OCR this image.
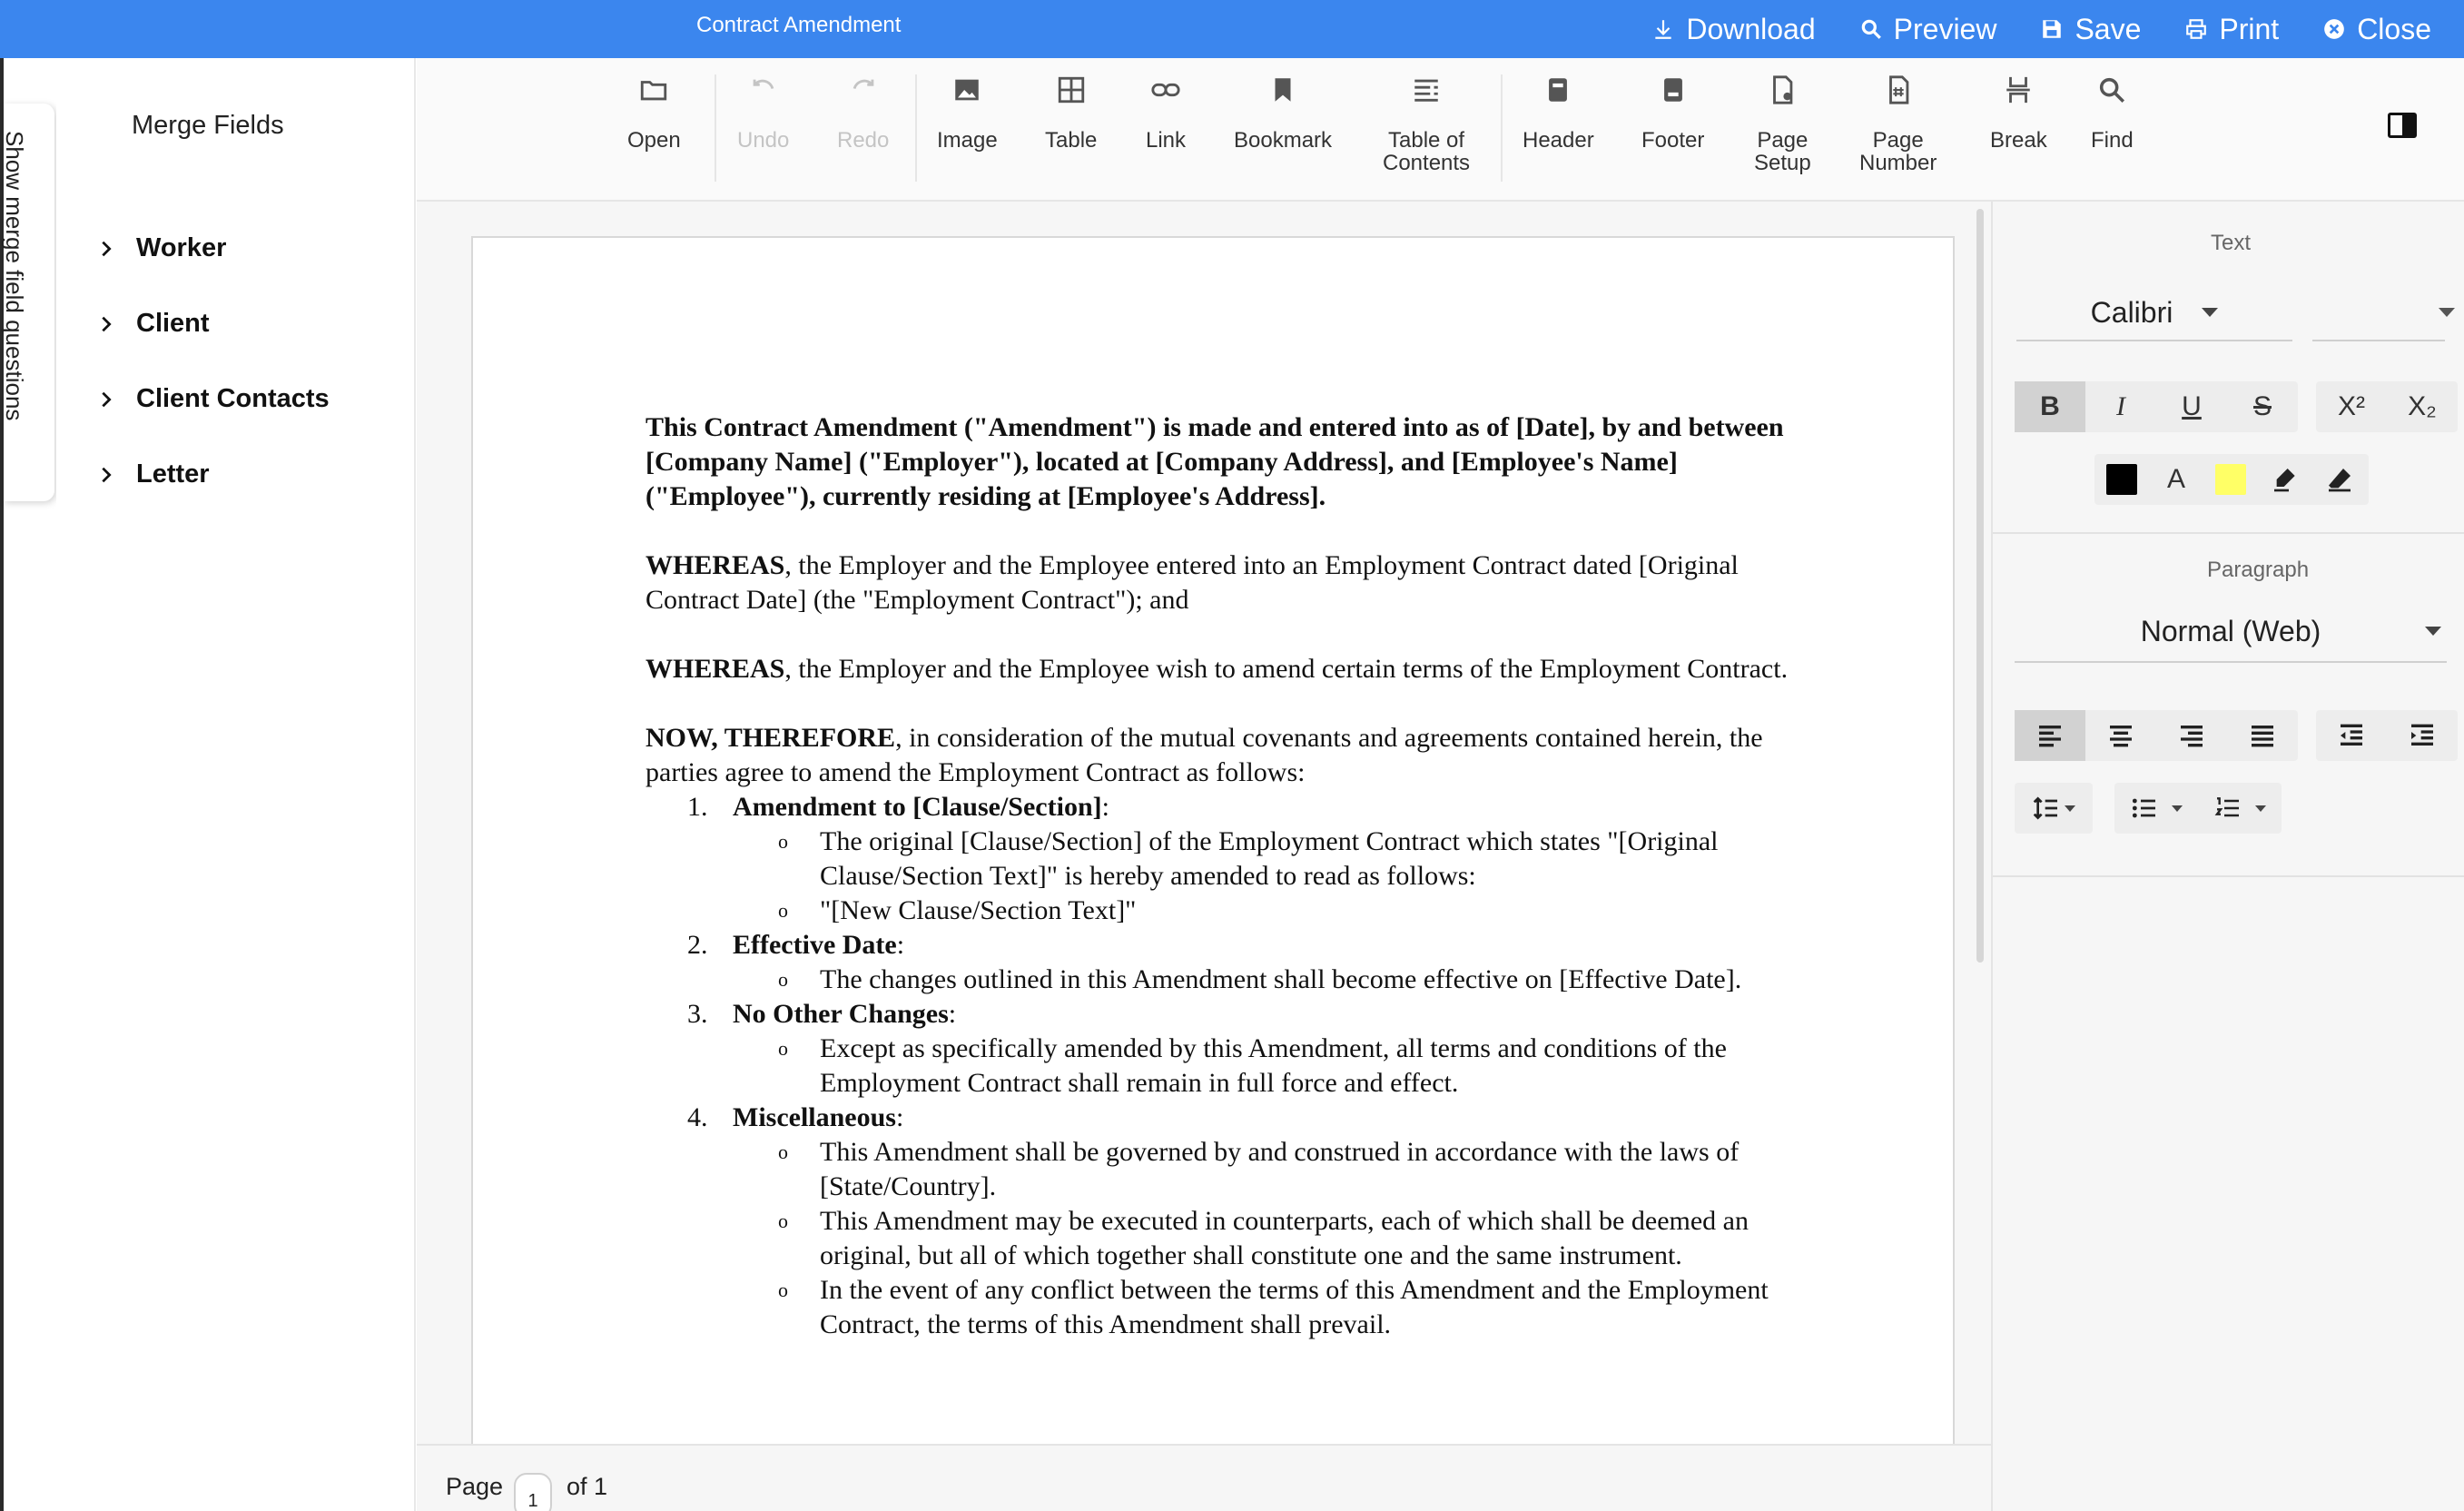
Contract Amendment	Download	Preview	Save	Print	Close
Show merge field questions
Merge Fields
Worker
Client
Client Contacts
Letter
Open	Undo Redo Image Table Link Bookmark	Table of
Contents
Header Footer Page
Setup
Page
Number
Break Find

This Contract Amendment ("Amendment") is made and entered into as of [Date], by and between [Company Name] ("Employer"), located at [Company Address], and [Employee's Name] ("Employee"), currently residing at [Employee's Address].

WHEREAS, the Employer and the Employee entered into an Employment Contract dated [Original Contract Date] (the "Employment Contract"); and

WHEREAS, the Employer and the Employee wish to amend certain terms of the Employment Contract.

NOW, THEREFORE, in consideration of the mutual covenants and agreements contained herein, the parties agree to amend the Employment Contract as follows:
1. Amendment to [Clause/Section]:
o The original [Clause/Section] of the Employment Contract which states "[Original Clause/Section Text]" is hereby amended to read as follows:
o "[New Clause/Section Text]"
2. Effective Date:
o The changes outlined in this Amendment shall become effective on [Effective Date].
3. No Other Changes:
o Except as specifically amended by this Amendment, all terms and conditions of the Employment Contract shall remain in full force and effect.
4. Miscellaneous:
o This Amendment shall be governed by and construed in accordance with the laws of [State/Country].
o This Amendment may be executed in counterparts, each of which shall be deemed an original, but all of which together shall constitute one and the same instrument.
o In the event of any conflict between the terms of this Amendment and the Employment Contract, the terms of this Amendment shall prevail.
Page
1
of 1
Text
Calibri
B I U S X² X₂
A
Paragraph
Normal (Web)
